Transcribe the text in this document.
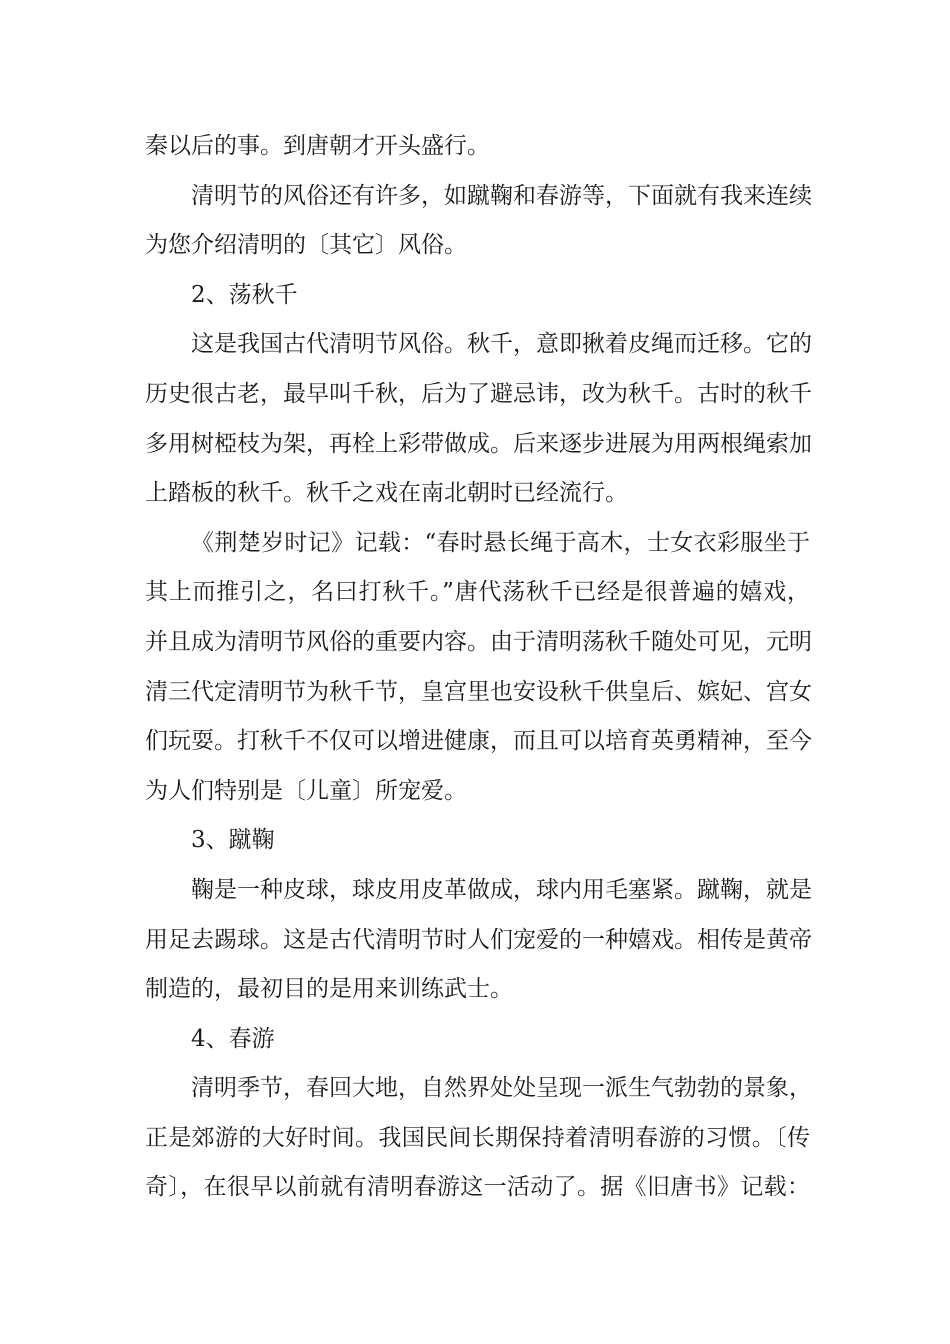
秦以后的事。到唐朝才开头盛行。
清明节的风俗还有许多，如蹴鞠和春游等，下面就有我来连续
为您介绍清明的〔其它〕风俗。
2、荡秋千
这是我国古代清明节风俗。秋千，意即揪着皮绳而迁移。它的
历史很古老，最早叫千秋，后为了避忌讳，改为秋千。古时的秋千
多用树椏枝为架，再栓上彩带做成。后来逐步进展为用两根绳索加
上踏板的秋千。秋千之戏在南北朝时已经流行。
《荆楚岁时记》记载：“春时悬长绳于高木，士女衣彩服坐于
其上而推引之，名曰打秋千。”唐代荡秋千已经是很普遍的嬉戏，
并且成为清明节风俗的重要内容。由于清明荡秋千随处可见，元明
清三代定清明节为秋千节，皇宫里也安设秋千供皇后、嫔妃、宫女
们玩耍。打秋千不仅可以增进健康，而且可以培育英勇精神，至今
为人们特别是〔儿童〕所宠爱。
3、蹴鞠
鞠是一种皮球，球皮用皮革做成，球内用毛塞紧。蹴鞠，就是
用足去踢球。这是古代清明节时人们宠爱的一种嬉戏。相传是黄帝
制造的，最初目的是用来训练武士。
4、春游
清明季节，春回大地，自然界处处呈现一派生气勃勃的景象，
正是郊游的大好时间。我国民间长期保持着清明春游的习惯。〔传
奇〕，在很早以前就有清明春游这一活动了。据《旧唐书》记载：
